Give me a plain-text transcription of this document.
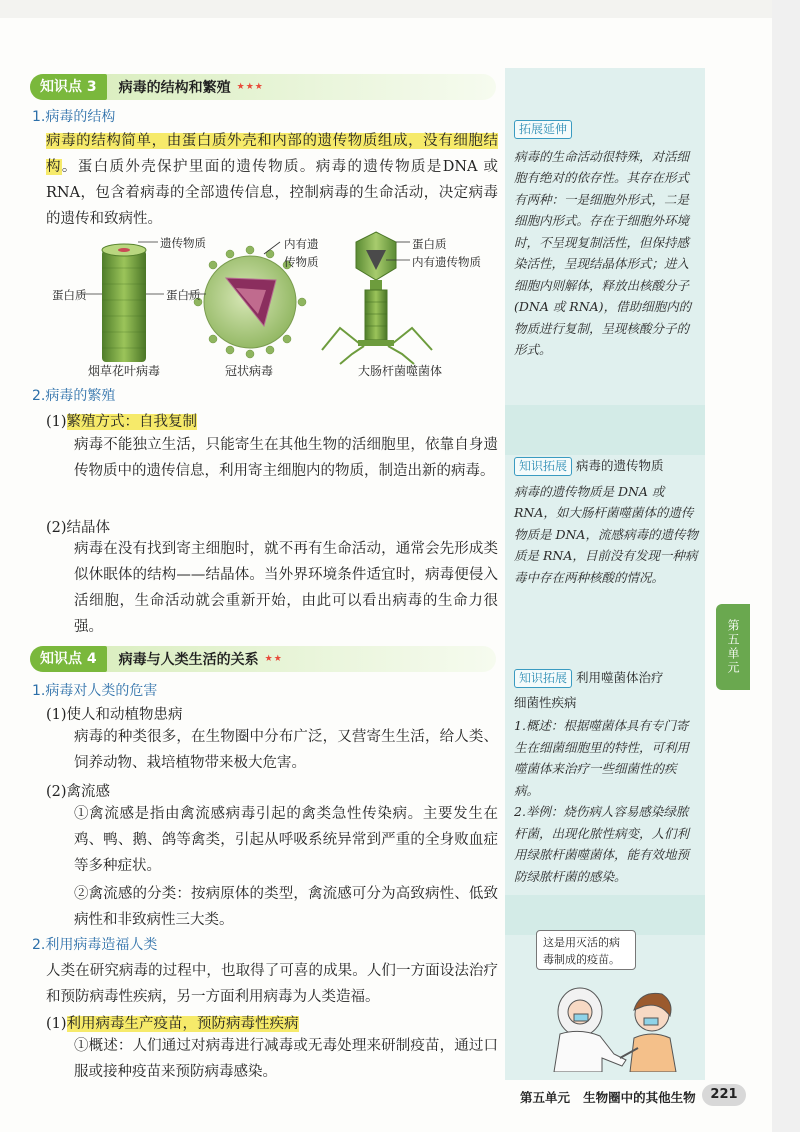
知识点 3	病毒的结构和繁殖 ★★★
1.病毒的结构
病毒的结构简单，由蛋白质外壳和内部的遗传物质组成，没有细胞结构。蛋白质外壳保护里面的遗传物质。病毒的遗传物质是DNA 或 RNA，包含着病毒的全部遗传信息，控制病毒的生命活动，决定病毒的遗传和致病性。
遗传物质
蛋白质
内有遗
传物质
蛋白质
蛋白质
内有遗传物质
烟草花叶病毒	冠状病毒	大肠杆菌噬菌体
2.病毒的繁殖
(1)繁殖方式：自我复制
病毒不能独立生活，只能寄生在其他生物的活细胞里，依靠自身遗传物质中的遗传信息，利用寄主细胞内的物质，制造出新的病毒。
(2)结晶体
病毒在没有找到寄主细胞时，就不再有生命活动，通常会先形成类似休眠体的结构——结晶体。当外界环境条件适宜时，病毒便侵入活细胞，生命活动就会重新开始，由此可以看出病毒的生命力很强。
知识点 4	病毒与人类生活的关系 ★★
1.病毒对人类的危害
(1)使人和动植物患病
病毒的种类很多，在生物圈中分布广泛，又营寄生生活，给人类、饲养动物、栽培植物带来极大危害。
(2)禽流感
①禽流感是指由禽流感病毒引起的禽类急性传染病。主要发生在鸡、鸭、鹅、鸽等禽类，引起从呼吸系统异常到严重的全身败血症等多种症状。
②禽流感的分类：按病原体的类型，禽流感可分为高致病性、低致病性和非致病性三大类。
2.利用病毒造福人类
人类在研究病毒的过程中，也取得了可喜的成果。人们一方面设法治疗和预防病毒性疾病，另一方面利用病毒为人类造福。
(1)利用病毒生产疫苗，预防病毒性疾病
①概述：人们通过对病毒进行减毒或无毒处理来研制疫苗，通过口服或接种疫苗来预防病毒感染。
拓展延伸
病毒的生命活动很特殊，对活细胞有绝对的依存性。其存在形式有两种：一是细胞外形式，二是细胞内形式。存在于细胞外环境时，不呈现复制活性，但保持感染活性，呈现结晶体形式；进入细胞内则解体，释放出核酸分子(DNA 或 RNA)，借助细胞内的物质进行复制，呈现核酸分子的形式。
知识拓展 病毒的遗传物质
病毒的遗传物质是 DNA 或RNA，如大肠杆菌噬菌体的遗传物质是 DNA，流感病毒的遗传物质是 RNA，目前没有发现一种病毒中存在两种核酸的情况。
知识拓展 利用噬菌体治疗
细菌性疾病
1.概述：根据噬菌体具有专门寄生在细菌细胞里的特性，可利用噬菌体来治疗一些细菌性的疾病。
2.举例：烧伤病人容易感染绿脓杆菌，出现化脓性病变，人们利用绿脓杆菌噬菌体，能有效地预防绿脓杆菌的感染。
这是用灭活的病毒制成的疫苗。
第五单元
第五单元 生物圈中的其他生物	221
